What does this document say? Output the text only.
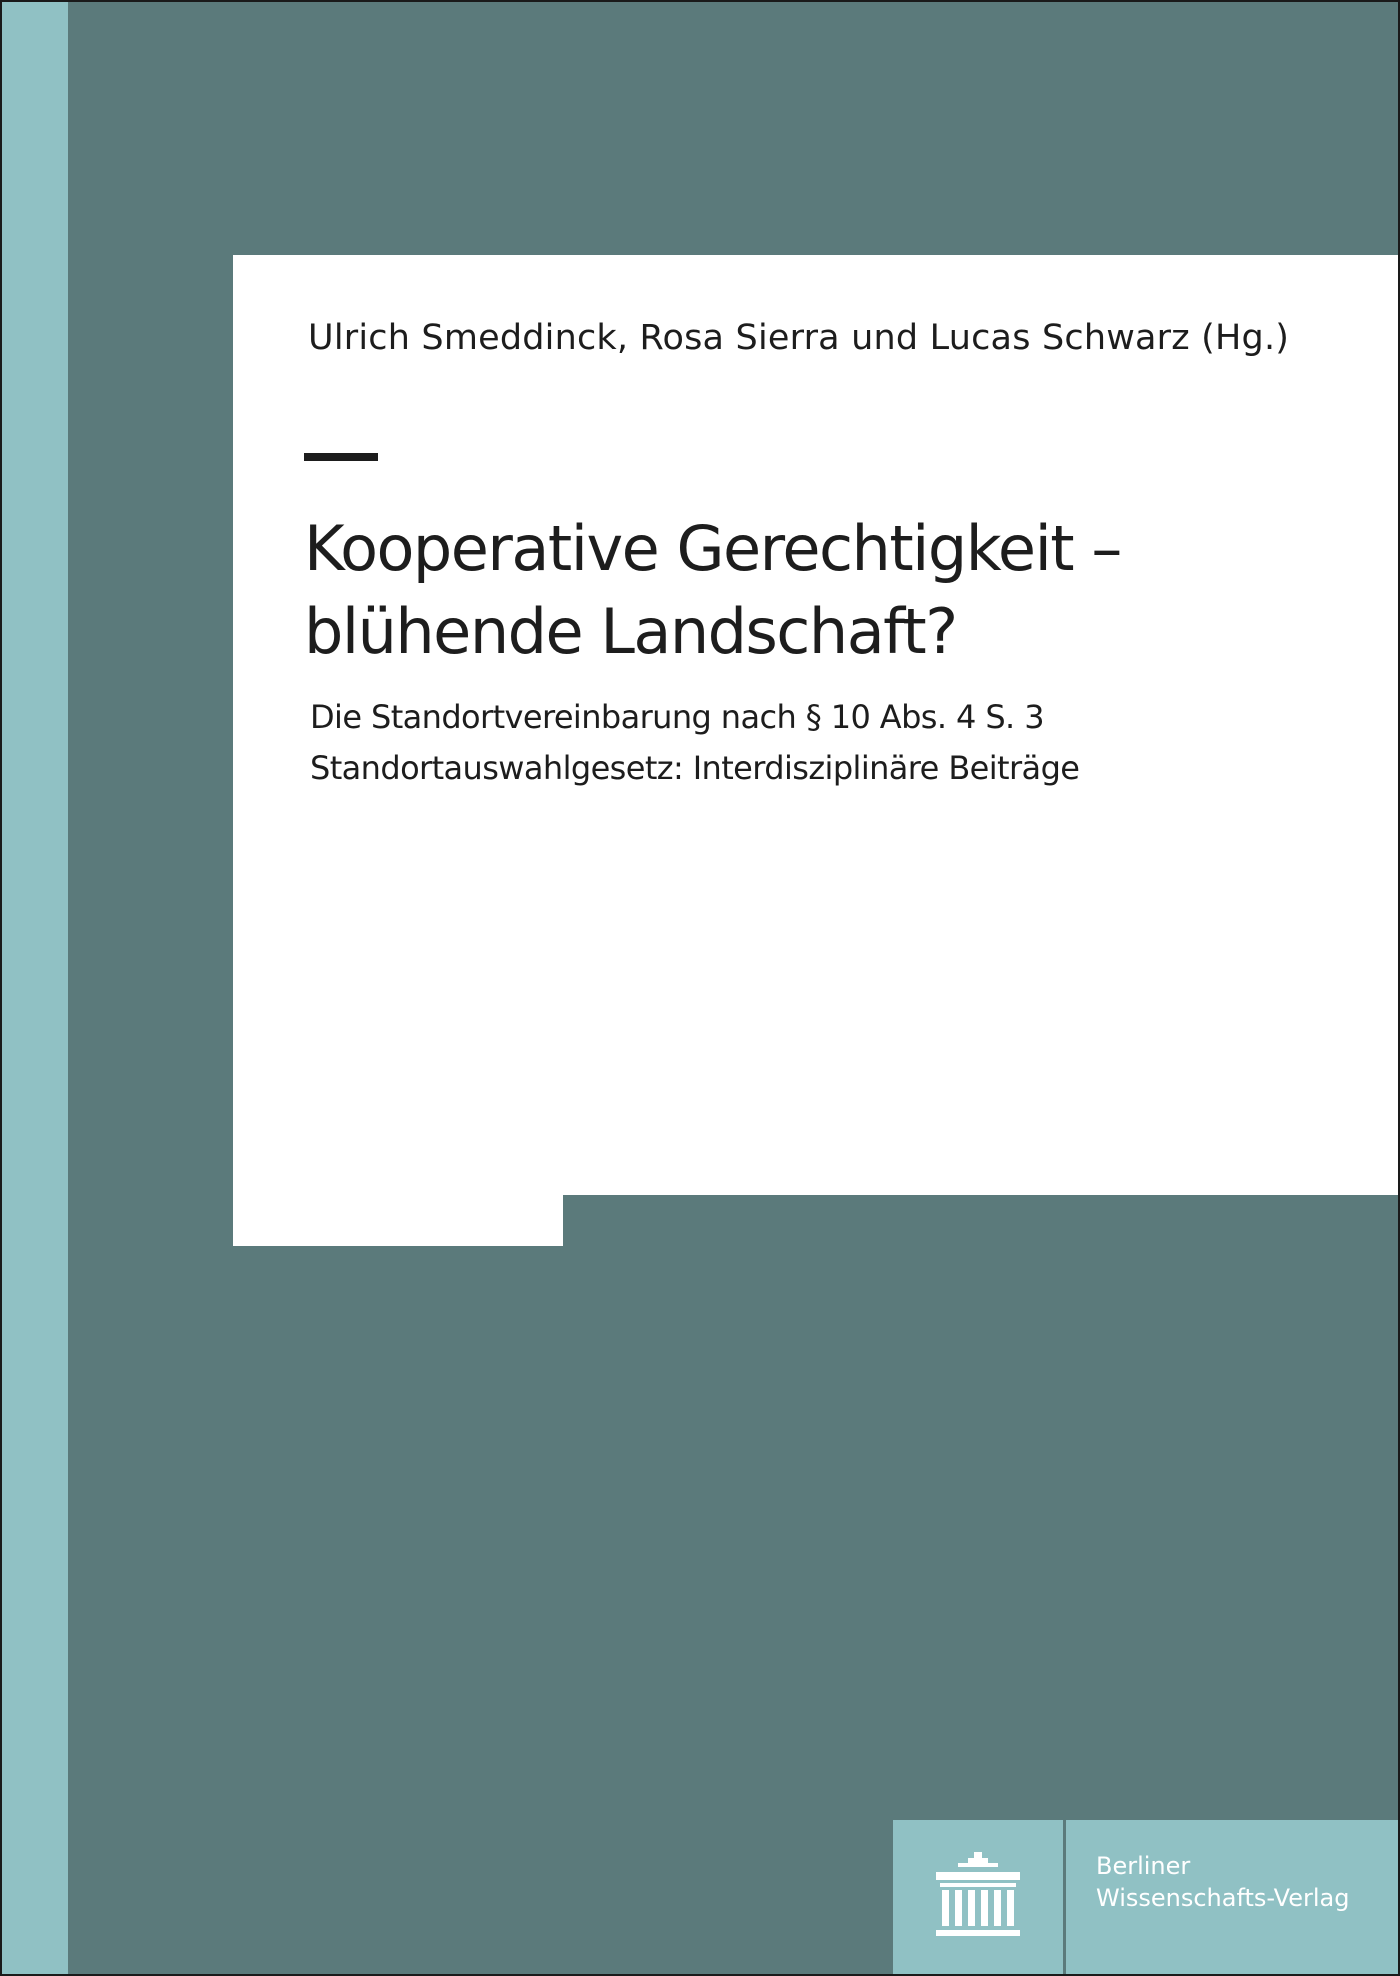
Ulrich Smeddinck, Rosa Sierra und Lucas Schwarz (Hg.)
Kooperative Gerechtigkeit –
blühende Landschaft?
Die Standortvereinbarung nach § 10 Abs. 4 S. 3
Standortauswahlgesetz: Interdisziplinäre Beiträge
Berliner
Wissenschafts-Verlag
